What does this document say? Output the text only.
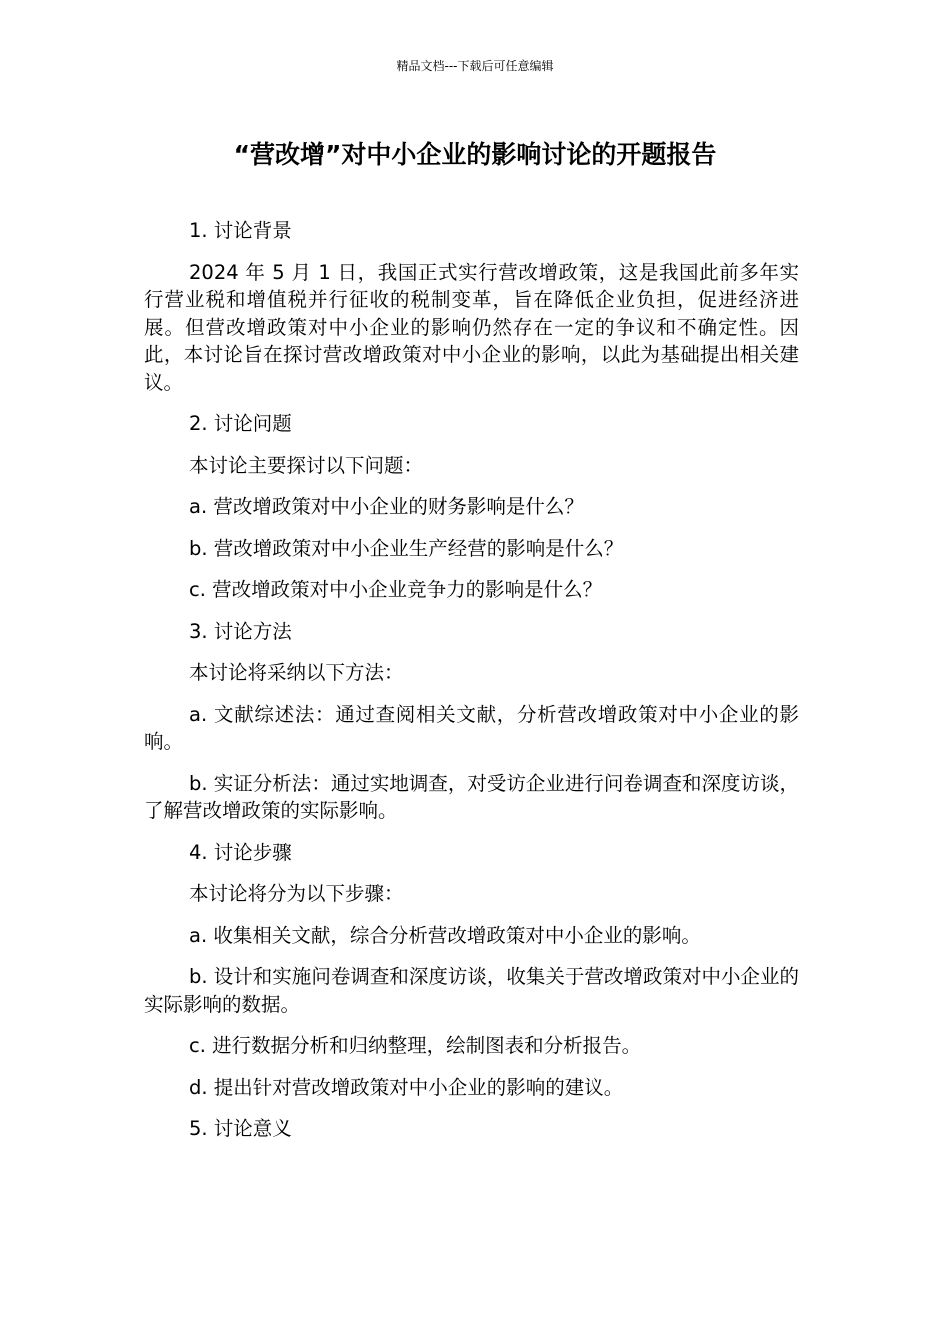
精品文档---下载后可任意编辑
“营改增”对中小企业的影响讨论的开题报告

1. 讨论背景

2024 年 5 月 1 日，我国正式实行营改增政策，这是我国此前多年实行营业税和增值税并行征收的税制变革，旨在降低企业负担，促进经济进展。但营改增政策对中小企业的影响仍然存在一定的争议和不确定性。因此，本讨论旨在探讨营改增政策对中小企业的影响，以此为基础提出相关建议。

2. 讨论问题

本讨论主要探讨以下问题：

a. 营改增政策对中小企业的财务影响是什么？

b. 营改增政策对中小企业生产经营的影响是什么？

c. 营改增政策对中小企业竞争力的影响是什么？

3. 讨论方法

本讨论将采纳以下方法：

a. 文献综述法：通过查阅相关文献，分析营改增政策对中小企业的影响。

b. 实证分析法：通过实地调查，对受访企业进行问卷调查和深度访谈，了解营改增政策的实际影响。

4. 讨论步骤

本讨论将分为以下步骤：

a. 收集相关文献，综合分析营改增政策对中小企业的影响。

b. 设计和实施问卷调查和深度访谈，收集关于营改增政策对中小企业的实际影响的数据。

c. 进行数据分析和归纳整理，绘制图表和分析报告。

d. 提出针对营改增政策对中小企业的影响的建议。

5. 讨论意义
